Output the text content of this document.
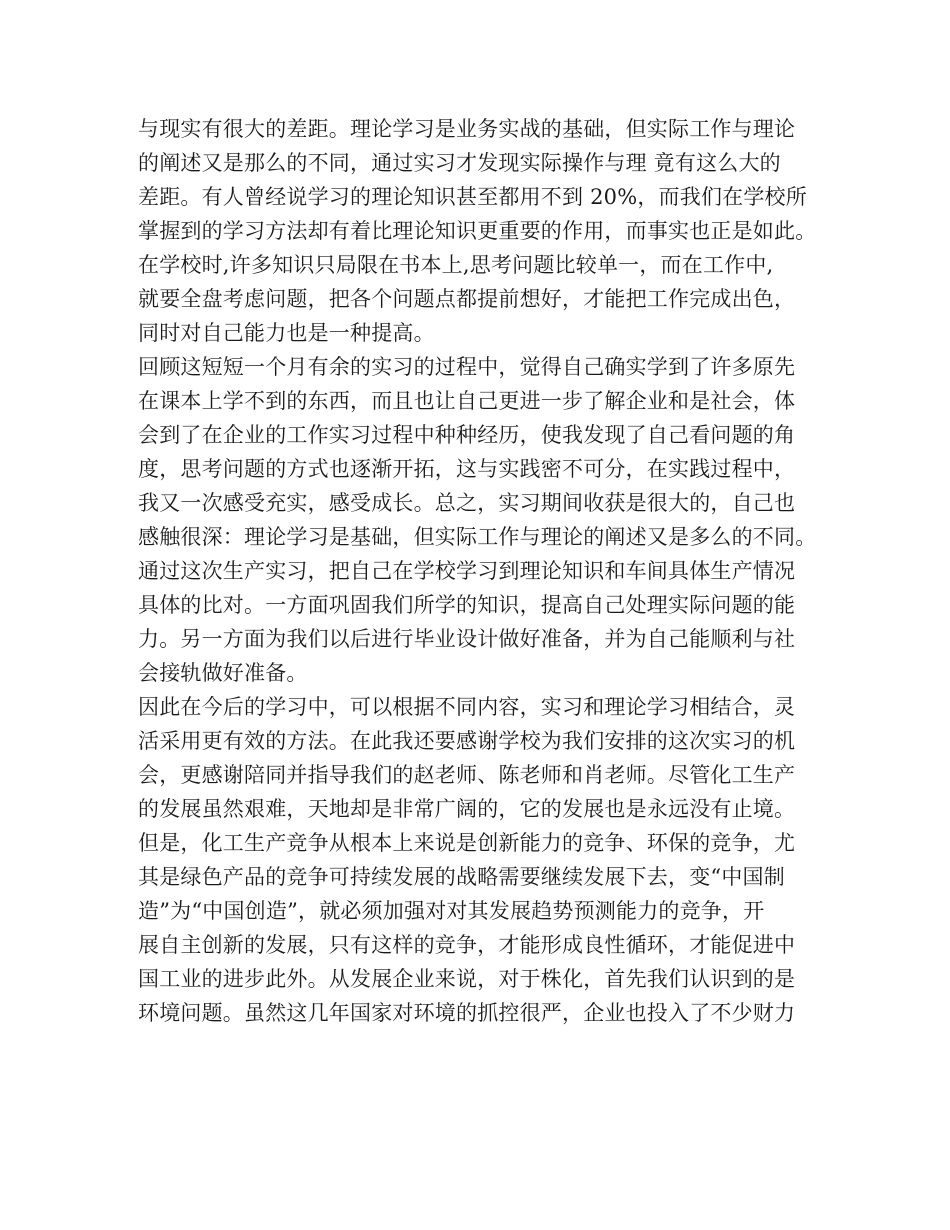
与现实有很大的差距。理论学习是业务实战的基础，但实际工作与理论
的阐述又是那么的不同，通过实习才发现实际操作与理 竟有这么大的
差距。有人曾经说学习的理论知识甚至都用不到 20%，而我们在学校所
掌握到的学习方法却有着比理论知识更重要的作用，而事实也正是如此。
在学校时,许多知识只局限在书本上,思考问题比较单一，而在工作中,
就要全盘考虑问题，把各个问题点都提前想好，才能把工作完成出色，
同时对自己能力也是一种提高。
回顾这短短一个月有余的实习的过程中，觉得自己确实学到了许多原先
在课本上学不到的东西，而且也让自己更进一步了解企业和是社会，体
会到了在企业的工作实习过程中种种经历，使我发现了自己看问题的角
度，思考问题的方式也逐渐开拓，这与实践密不可分，在实践过程中，
我又一次感受充实，感受成长。总之，实习期间收获是很大的，自己也
感触很深：理论学习是基础，但实际工作与理论的阐述又是多么的不同。
通过这次生产实习，把自己在学校学习到理论知识和车间具体生产情况
具体的比对。一方面巩固我们所学的知识，提高自己处理实际问题的能
力。另一方面为我们以后进行毕业设计做好准备，并为自己能顺利与社
会接轨做好准备。
因此在今后的学习中，可以根据不同内容，实习和理论学习相结合，灵
活采用更有效的方法。在此我还要感谢学校为我们安排的这次实习的机
会，更感谢陪同并指导我们的赵老师、陈老师和肖老师。尽管化工生产
的发展虽然艰难，天地却是非常广阔的，它的发展也是永远没有止境。
但是，化工生产竞争从根本上来说是创新能力的竞争、环保的竞争，尤
其是绿色产品的竞争可持续发展的战略需要继续发展下去，变“中国制
造”为“中国创造”，就必须加强对对其发展趋势预测能力的竞争，开
展自主创新的发展，只有这样的竞争，才能形成良性循环，才能促进中
国工业的进步此外。从发展企业来说，对于株化，首先我们认识到的是
环境问题。虽然这几年国家对环境的抓控很严，企业也投入了不少财力
